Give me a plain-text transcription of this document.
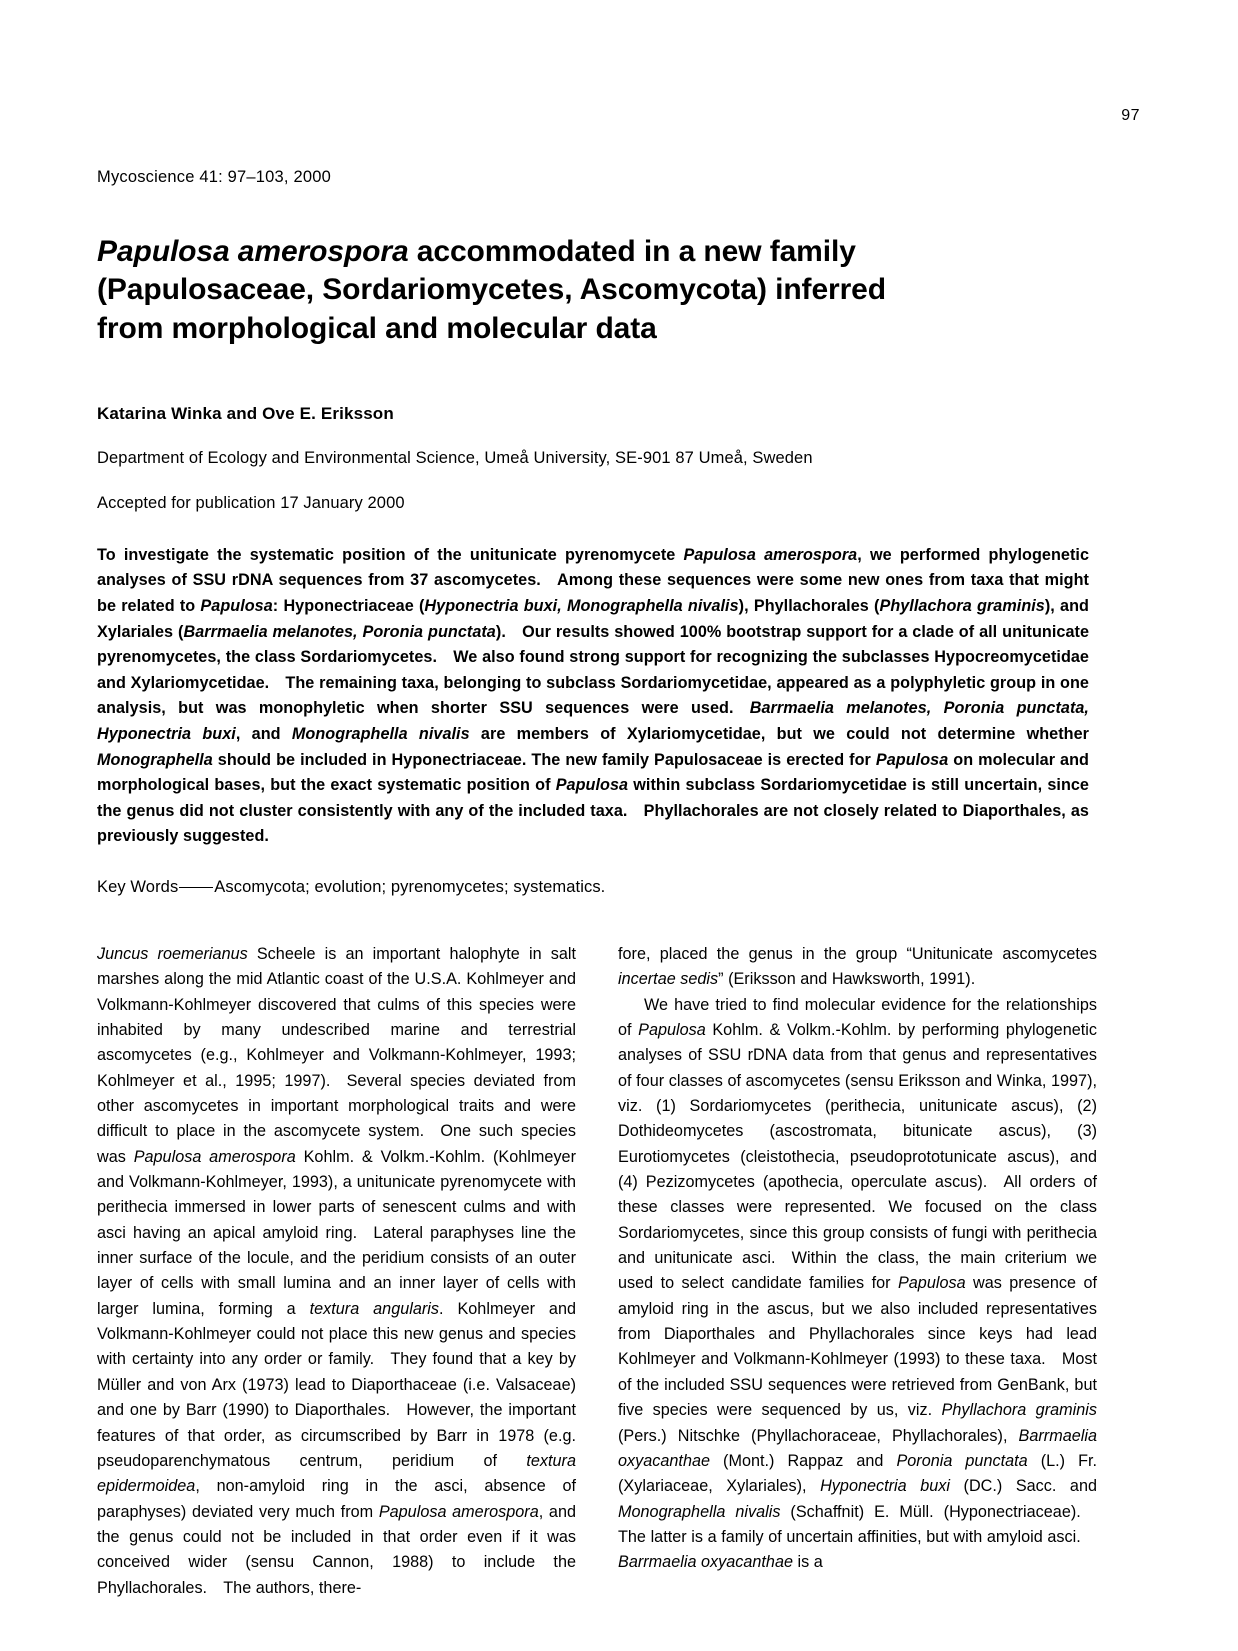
97
Mycoscience 41: 97–103, 2000
Papulosa amerospora accommodated in a new family
(Papulosaceae, Sordariomycetes, Ascomycota) inferred
from morphological and molecular data
Katarina Winka and Ove E. Eriksson
Department of Ecology and Environmental Science, Umeå University, SE-901 87 Umeå, Sweden
Accepted for publication 17 January 2000
To investigate the systematic position of the unitunicate pyrenomycete Papulosa amerospora, we performed phylogenetic analyses of SSU rDNA sequences from 37 ascomycetes. Among these sequences were some new ones from taxa that might be related to Papulosa: Hyponectriaceae (Hyponectria buxi, Monographella nivalis), Phyllachorales (Phyllachora graminis), and Xylariales (Barrmaelia melanotes, Poronia punctata). Our results showed 100% bootstrap support for a clade of all unitunicate pyrenomycetes, the class Sordariomycetes. We also found strong support for recognizing the subclasses Hypocreomycetidae and Xylariomycetidae. The remaining taxa, belonging to subclass Sordariomycetidae, appeared as a polyphyletic group in one analysis, but was monophyletic when shorter SSU sequences were used. Barrmaelia melanotes, Poronia punctata, Hyponectria buxi, and Monographella nivalis are members of Xylariomycetidae, but we could not determine whether Monographella should be included in Hyponectriaceae. The new family Papulosaceae is erected for Papulosa on molecular and morphological bases, but the exact systematic position of Papulosa within subclass Sordariomycetidae is still uncertain, since the genus did not cluster consistently with any of the included taxa. Phyllachorales are not closely related to Diaporthales, as previously suggested.
Key Words Ascomycota; evolution; pyrenomycetes; systematics.

Juncus roemerianus Scheele is an important halophyte in salt marshes along the mid Atlantic coast of the U.S.A. Kohlmeyer and Volkmann-Kohlmeyer discovered that culms of this species were inhabited by many undescribed marine and terrestrial ascomycetes (e.g., Kohlmeyer and Volkmann-Kohlmeyer, 1993; Kohlmeyer et al., 1995; 1997). Several species deviated from other ascomycetes in important morphological traits and were difficult to place in the ascomycete system. One such species was Papulosa amerospora Kohlm. & Volkm.-Kohlm. (Kohlmeyer and Volkmann-Kohlmeyer, 1993), a unitunicate pyrenomycete with perithecia immersed in lower parts of senescent culms and with asci having an apical amyloid ring. Lateral paraphyses line the inner surface of the locule, and the peridium consists of an outer layer of cells with small lumina and an inner layer of cells with larger lumina, forming a textura angularis. Kohlmeyer and Volkmann-Kohlmeyer could not place this new genus and species with certainty into any order or family. They found that a key by Müller and von Arx (1973) lead to Diaporthaceae (i.e. Valsaceae) and one by Barr (1990) to Diaporthales. However, the important features of that order, as circumscribed by Barr in 1978 (e.g. pseudoparenchymatous centrum, peridium of textura epidermoidea, non-amyloid ring in the asci, absence of paraphyses) deviated very much from Papulosa amerospora, and the genus could not be included in that order even if it was conceived wider (sensu Cannon, 1988) to include the Phyllachorales. The authors, there-

fore, placed the genus in the group “Unitunicate ascomycetes incertae sedis” (Eriksson and Hawksworth, 1991).

We have tried to find molecular evidence for the relationships of Papulosa Kohlm. & Volkm.-Kohlm. by performing phylogenetic analyses of SSU rDNA data from that genus and representatives of four classes of ascomycetes (sensu Eriksson and Winka, 1997), viz. (1) Sordariomycetes (perithecia, unitunicate ascus), (2) Dothideomycetes (ascostromata, bitunicate ascus), (3) Eurotiomycetes (cleistothecia, pseudoprototunicate ascus), and (4) Pezizomycetes (apothecia, operculate ascus). All orders of these classes were represented. We focused on the class Sordariomycetes, since this group consists of fungi with perithecia and unitunicate asci. Within the class, the main criterium we used to select candidate families for Papulosa was presence of amyloid ring in the ascus, but we also included representatives from Diaporthales and Phyllachorales since keys had lead Kohlmeyer and Volkmann-Kohlmeyer (1993) to these taxa. Most of the included SSU sequences were retrieved from GenBank, but five species were sequenced by us, viz. Phyllachora graminis (Pers.) Nitschke (Phyllachoraceae, Phyllachorales), Barrmaelia oxyacanthae (Mont.) Rappaz and Poronia punctata (L.) Fr. (Xylariaceae, Xylariales), Hyponectria buxi (DC.) Sacc. and Monographella nivalis (Schaffnit) E. Müll. (Hyponectriaceae). The latter is a family of uncertain affinities, but with amyloid asci. Barrmaelia oxyacanthae is a
